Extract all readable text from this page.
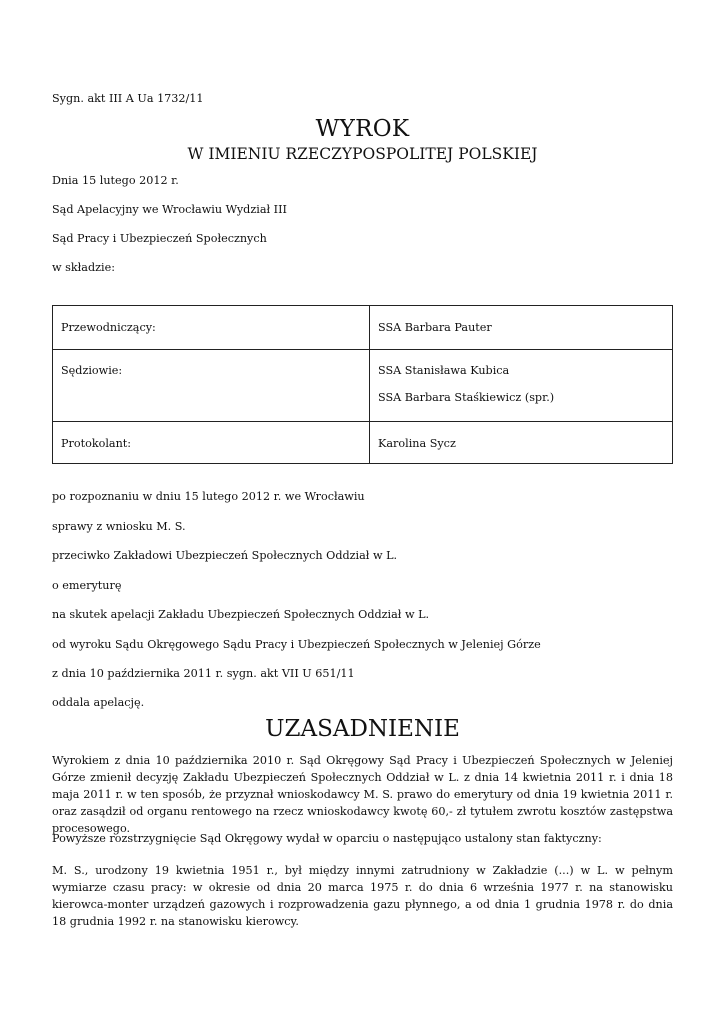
Sygn. akt III A Ua 1732/11
WYROK
W IMIENIU RZECZYPOSPOLITEJ POLSKIEJ
Dnia 15 lutego 2012 r.
Sąd Apelacyjny we Wrocławiu Wydział III
Sąd Pracy i Ubezpieczeń Społecznych
w składzie:
Przewodniczący:	SSA Barbara Pauter

Sędziowie:	SSA Stanisława Kubica
SSA Barbara Staśkiewicz (spr.)

Protokolant:	Karolina Sycz
po rozpoznaniu w dniu 15 lutego 2012 r. we Wrocławiu
sprawy z wniosku M. S.
przeciwko Zakładowi Ubezpieczeń Społecznych Oddział w L.
o emeryturę
na skutek apelacji Zakładu Ubezpieczeń Społecznych Oddział w L.
od wyroku Sądu Okręgowego Sądu Pracy i Ubezpieczeń Społecznych w Jeleniej Górze
z dnia 10 października 2011 r. sygn. akt VII U 651/11
oddala apelację.
UZASADNIENIE
Wyrokiem z dnia 10 października 2010 r. Sąd Okręgowy Sąd Pracy i Ubezpieczeń Społecznych w Jeleniej Górze zmienił decyzję Zakładu Ubezpieczeń Społecznych Oddział w L. z dnia 14 kwietnia 2011 r. i dnia 18 maja 2011 r. w ten sposób, że przyznał wnioskodawcy M. S. prawo do emerytury od dnia 19 kwietnia 2011 r. oraz zasądził od organu rentowego na rzecz wnioskodawcy kwotę 60,- zł tytułem zwrotu kosztów zastępstwa procesowego.
Powyższe rozstrzygnięcie Sąd Okręgowy wydał w oparciu o następująco ustalony stan faktyczny:
M. S., urodzony 19 kwietnia 1951 r., był między innymi zatrudniony w Zakładzie (...) w L. w pełnym wymiarze czasu pracy: w okresie od dnia 20 marca 1975 r. do dnia 6 września 1977 r. na stanowisku kierowca-monter urządzeń gazowych i rozprowadzenia gazu płynnego, a od dnia 1 grudnia 1978 r. do dnia 18 grudnia 1992 r. na stanowisku kierowcy.
